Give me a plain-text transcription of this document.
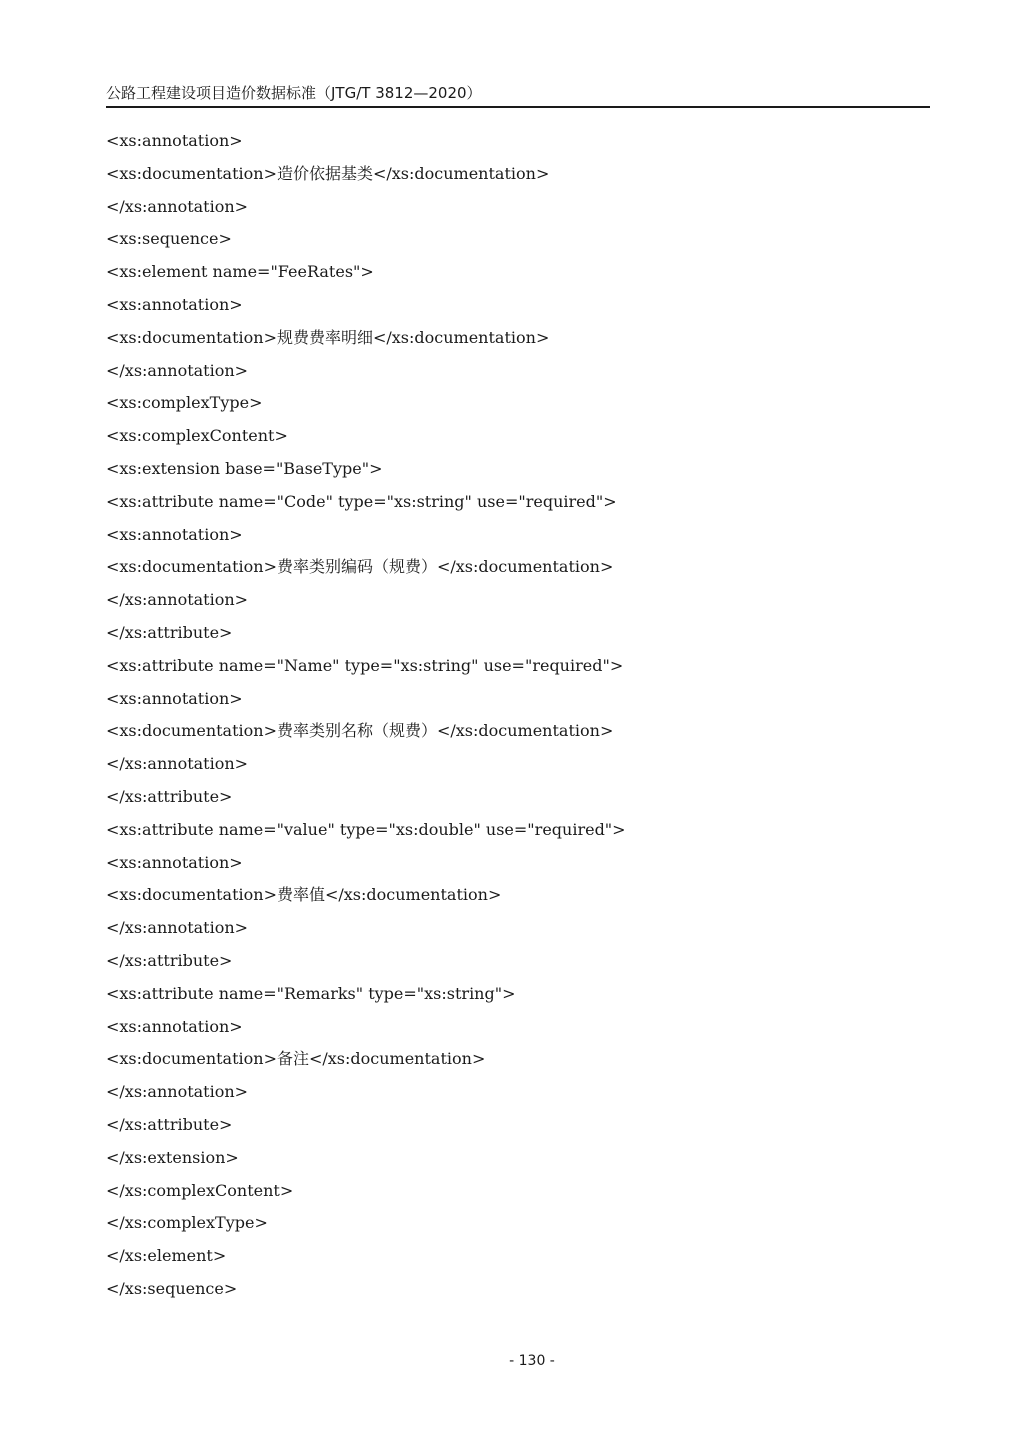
公路工程建设项目造价数据标准（JTG/T 3812—2020）
<xs:annotation>
<xs:documentation>造价依据基类</xs:documentation>
</xs:annotation>
<xs:sequence>
<xs:element name="FeeRates">
<xs:annotation>
<xs:documentation>规费费率明细</xs:documentation>
</xs:annotation>
<xs:complexType>
<xs:complexContent>
<xs:extension base="BaseType">
<xs:attribute name="Code" type="xs:string" use="required">
<xs:annotation>
<xs:documentation>费率类别编码（规费）</xs:documentation>
</xs:annotation>
</xs:attribute>
<xs:attribute name="Name" type="xs:string" use="required">
<xs:annotation>
<xs:documentation>费率类别名称（规费）</xs:documentation>
</xs:annotation>
</xs:attribute>
<xs:attribute name="value" type="xs:double" use="required">
<xs:annotation>
<xs:documentation>费率值</xs:documentation>
</xs:annotation>
</xs:attribute>
<xs:attribute name="Remarks" type="xs:string">
<xs:annotation>
<xs:documentation>备注</xs:documentation>
</xs:annotation>
</xs:attribute>
</xs:extension>
</xs:complexContent>
</xs:complexType>
</xs:element>
</xs:sequence>
- 130 -
